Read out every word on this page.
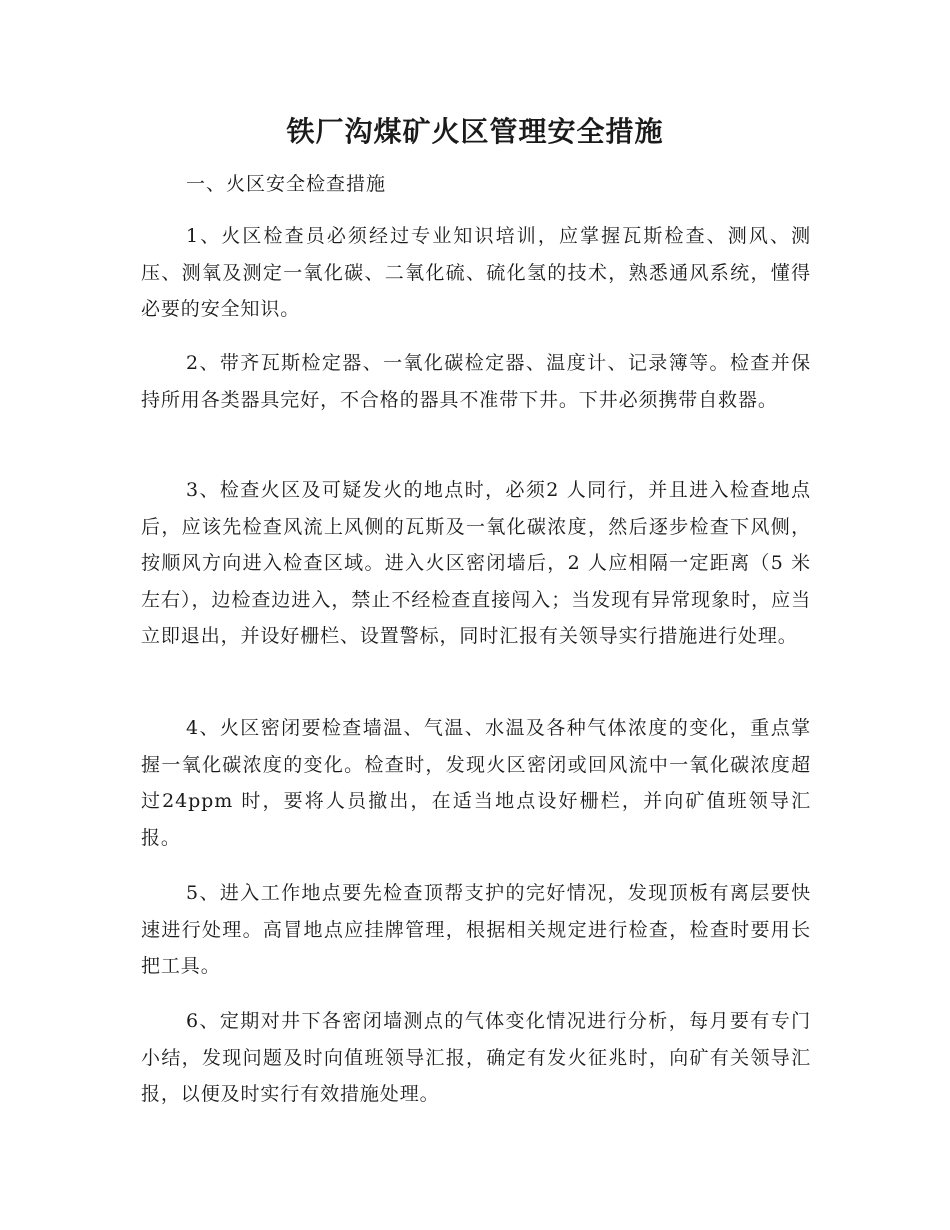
铁厂沟煤矿火区管理安全措施

一、火区安全检查措施

1、火区检查员必须经过专业知识培训，应掌握瓦斯检查、测风、测压、测氧及测定一氧化碳、二氧化硫、硫化氢的技术，熟悉通风系统，懂得必要的安全知识。

2、带齐瓦斯检定器、一氧化碳检定器、温度计、记录簿等。检查并保持所用各类器具完好，不合格的器具不准带下井。下井必须携带自救器。

3、检查火区及可疑发火的地点时，必须2 人同行，并且进入检查地点后，应该先检查风流上风侧的瓦斯及一氧化碳浓度，然后逐步检查下风侧，按顺风方向进入检查区域。进入火区密闭墙后，2 人应相隔一定距离（5 米左右），边检查边进入，禁止不经检查直接闯入；当发现有异常现象时，应当立即退出，并设好栅栏、设置警标，同时汇报有关领导实行措施进行处理。

4、火区密闭要检查墙温、气温、水温及各种气体浓度的变化，重点掌握一氧化碳浓度的变化。检查时，发现火区密闭或回风流中一氧化碳浓度超过24ppm 时，要将人员撤出，在适当地点设好栅栏，并向矿值班领导汇报。

5、进入工作地点要先检查顶帮支护的完好情况，发现顶板有离层要快速进行处理。高冒地点应挂牌管理，根据相关规定进行检查，检查时要用长把工具。

6、定期对井下各密闭墙测点的气体变化情况进行分析，每月要有专门小结，发现问题及时向值班领导汇报，确定有发火征兆时，向矿有关领导汇报，以便及时实行有效措施处理。
